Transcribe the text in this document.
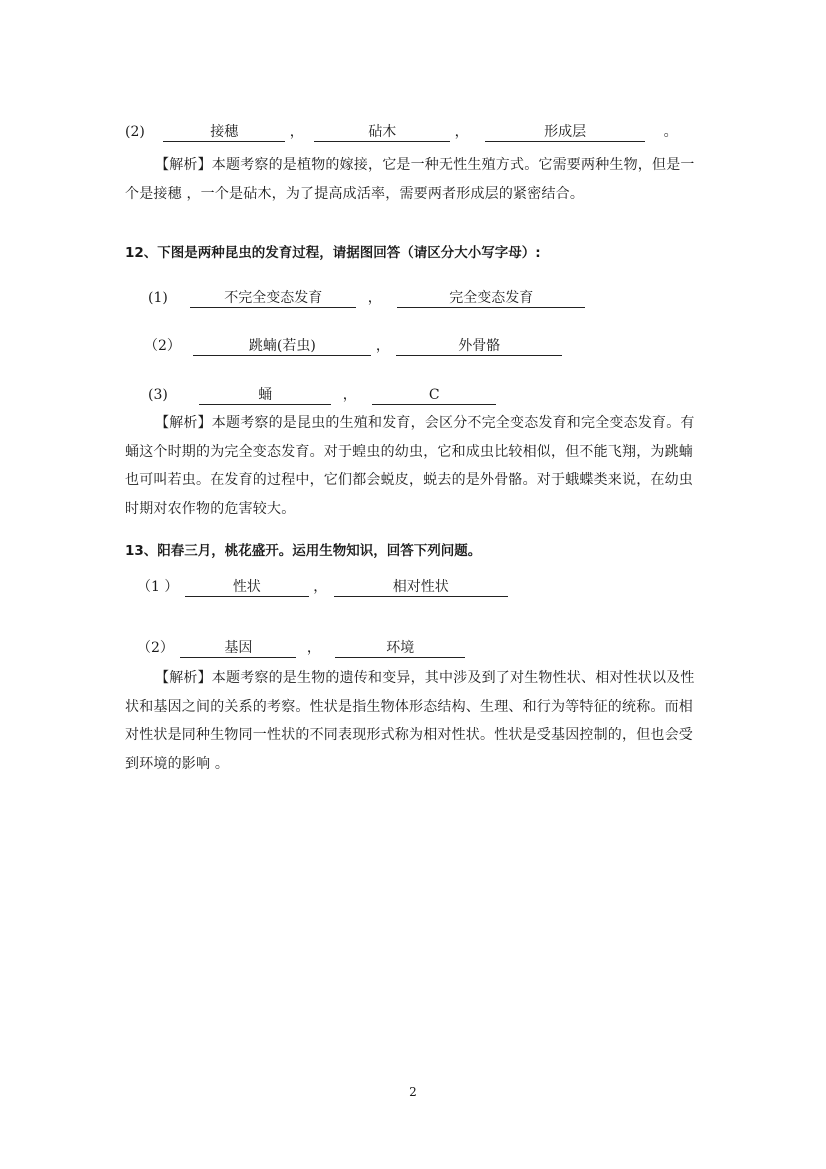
(2)	接穗	，	砧木	，	形成层	。
【解析】本题考察的是植物的嫁接，它是一种无性生殖方式。它需要两种生物，但是一个是接穗 ，一个是砧木，为了提高成活率，需要两者形成层的紧密结合。
12、下图是两种昆虫的发育过程，请据图回答（请区分大小写字母）:
(1)	不完全变态发育	，	完全变态发育
（2）	跳蝻(若虫)	，	外骨骼
(3)	蛹	，	C
【解析】本题考察的是昆虫的生殖和发育，会区分不完全变态发育和完全变态发育。有蛹这个时期的为完全变态发育。对于蝗虫的幼虫，它和成虫比较相似，但不能飞翔，为跳蝻也可叫若虫。在发育的过程中，它们都会蜕皮，蜕去的是外骨骼。对于蛾蝶类来说，在幼虫时期对农作物的危害较大。
13、阳春三月，桃花盛开。运用生物知识，回答下列问题。
（1 ）	性状	，	相对性状
（2）	基因	，	环境
【解析】本题考察的是生物的遗传和变异，其中涉及到了对生物性状、相对性状以及性状和基因之间的关系的考察。性状是指生物体形态结构、生理、和行为等特征的统称。而相对性状是同种生物同一性状的不同表现形式称为相对性状。性状是受基因控制的，但也会受到环境的影响 。
2
